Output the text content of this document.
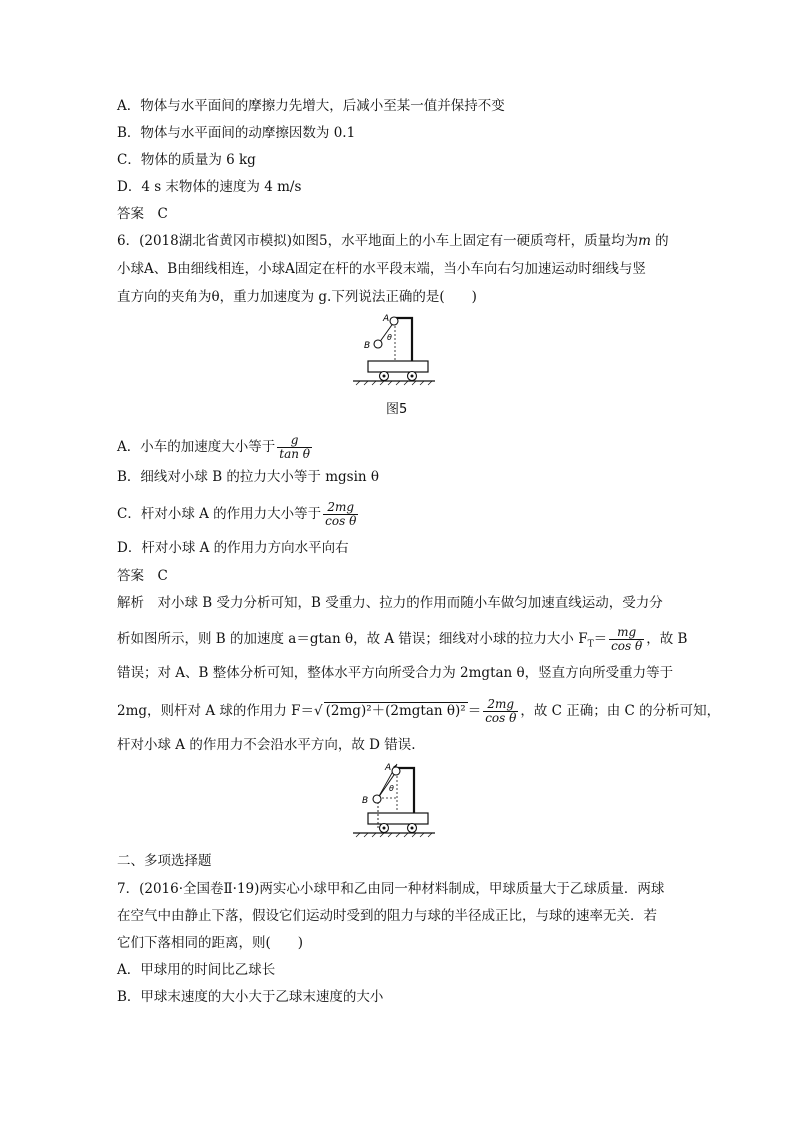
A．物体与水平面间的摩擦力先增大，后减小至某一值并保持不变
B．物体与水平面间的动摩擦因数为 0.1
C．物体的质量为 6 kg
D．4 s 末物体的速度为 4 m/s
答案　C
6．(2018湖北省黄冈市模拟)如图5，水平地面上的小车上固定有一硬质弯杆，质量均为m 的
小球A、B由细线相连，小球A固定在杆的水平段末端，当小车向右匀加速运动时细线与竖
直方向的夹角为θ，重力加速度为 g.下列说法正确的是(　　)
A
B
θ
图5
A．小车的加速度大小等于 $\frac{g}{\text{tan θ}}$
B．细线对小球 B 的拉力大小等于 mgsin θ
C．杆对小球 A 的作用力大小等于 $\frac{2mg}{\text{cos θ}}$
D．杆对小球 A 的作用力方向水平向右
答案　C
解析　对小球 B 受力分析可知，B 受重力、拉力的作用而随小车做匀加速直线运动，受力分
析如图所示，则 B 的加速度 a＝gtan θ，故 A 错误；细线对小球的拉力大小 $F_T= \frac{mg}{\text{cos θ}}$ ，故 B
错误；对 A、B 整体分析可知，整体水平方向所受合力为 2mgtan θ，竖直方向所受重力等于
2mg，则杆对 A 球的作用力 F＝√ (2mg)²＋(2mgtan $\theta)^2 = \frac{2mg}{\text{cos θ}}$ ，故 C 正确；由 C 的分析可知，
杆对小球 A 的作用力不会沿水平方向，故 D 错误.
A
B
θ
二、多项选择题
7．(2016·全国卷Ⅱ·19)两实心小球甲和乙由同一种材料制成，甲球质量大于乙球质量．两球
在空气中由静止下落，假设它们运动时受到的阻力与球的半径成正比，与球的速率无关．若
它们下落相同的距离，则(　　)
A．甲球用的时间比乙球长
B．甲球末速度的大小大于乙球末速度的大小
